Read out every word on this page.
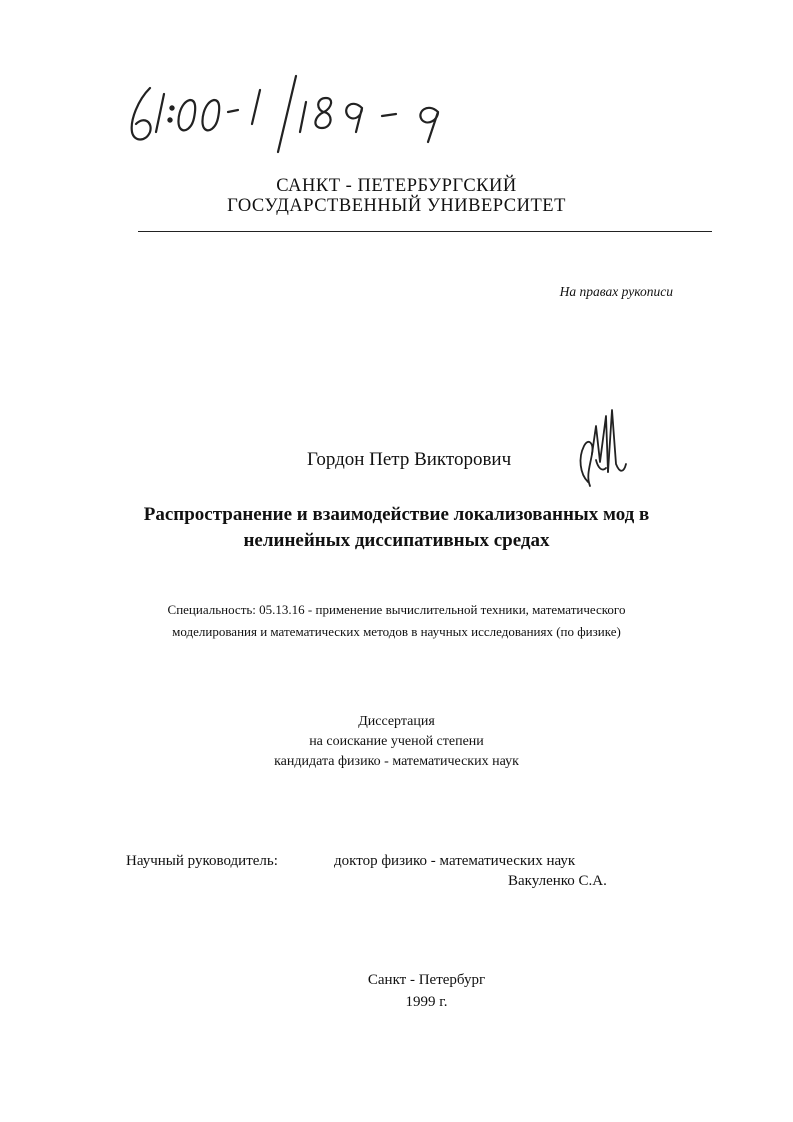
САНКТ - ПЕТЕРБУРГСКИЙ
ГОСУДАРСТВЕННЫЙ УНИВЕРСИТЕТ
На правах рукописи
Гордон Петр Викторович
Распространение и взаимодействие локализованных мод в
нелинейных диссипативных средах
Специальность: 05.13.16 - применение вычислительной техники, математического
моделирования и математических методов в научных исследованиях (по физике)
Диссертация
на соискание ученой степени
кандидата физико - математических наук
Научный руководитель:	доктор физико - математических наук
Вакуленко С.А.
Санкт - Петербург
1999 г.
